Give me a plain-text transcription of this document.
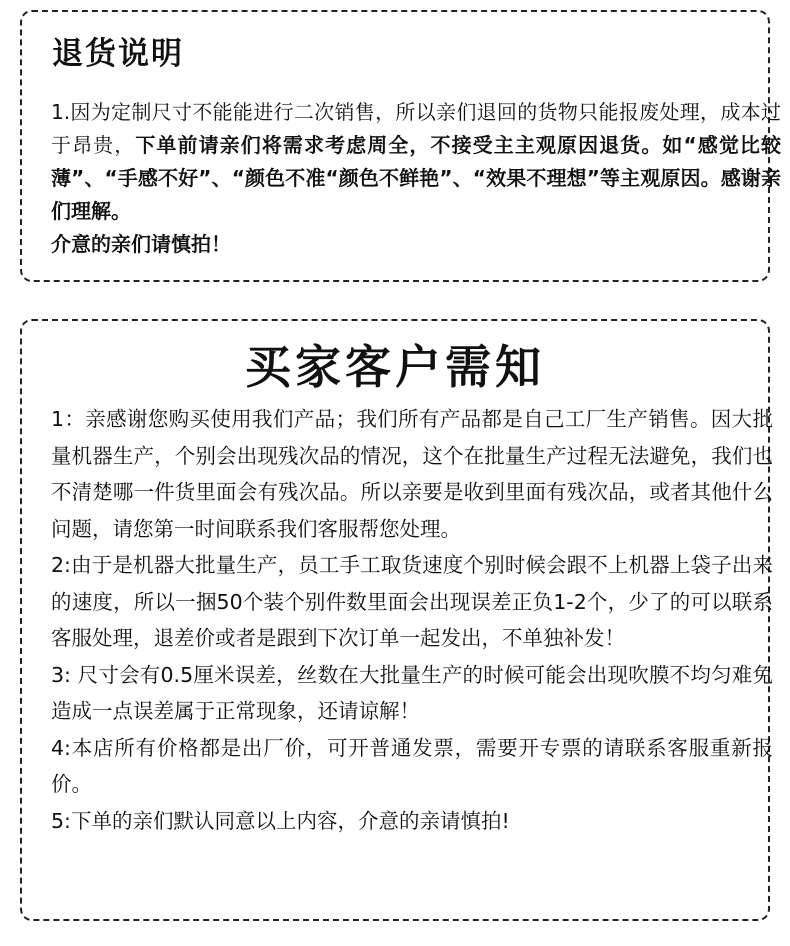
退货说明
1.因为定制尺寸不能能进行二次销售，所以亲们退回的货物只能报废处理，成本过于昂贵，下单前请亲们将需求考虑周全，不接受主主观原因退货。如“感觉比较薄”、“手感不好”、“颜色不准“颜色不鲜艳”、“效果不理想”等主观原因。感谢亲们理解。
介意的亲们请慎拍！
买家客户需知

1：亲感谢您购买使用我们产品；我们所有产品都是自己工厂生产销售。因大批量机器生产，个别会出现残次品的情况，这个在批量生产过程无法避免，我们也不清楚哪一件货里面会有残次品。所以亲要是收到里面有残次品，或者其他什么问题，请您第一时间联系我们客服帮您处理。

2:由于是机器大批量生产，员工手工取货速度个别时候会跟不上机器上袋子出来的速度，所以一捆50个装个别件数里面会出现误差正负1-2个，少了的可以联系客服处理，退差价或者是跟到下次订单一起发出，不单独补发！

3: 尺寸会有0.5厘米误差，丝数在大批量生产的时候可能会出现吹膜不均匀难免造成一点误差属于正常现象，还请谅解！

4:本店所有价格都是出厂价，可开普通发票，需要开专票的请联系客服重新报价。

5:下单的亲们默认同意以上内容，介意的亲请慎拍!
